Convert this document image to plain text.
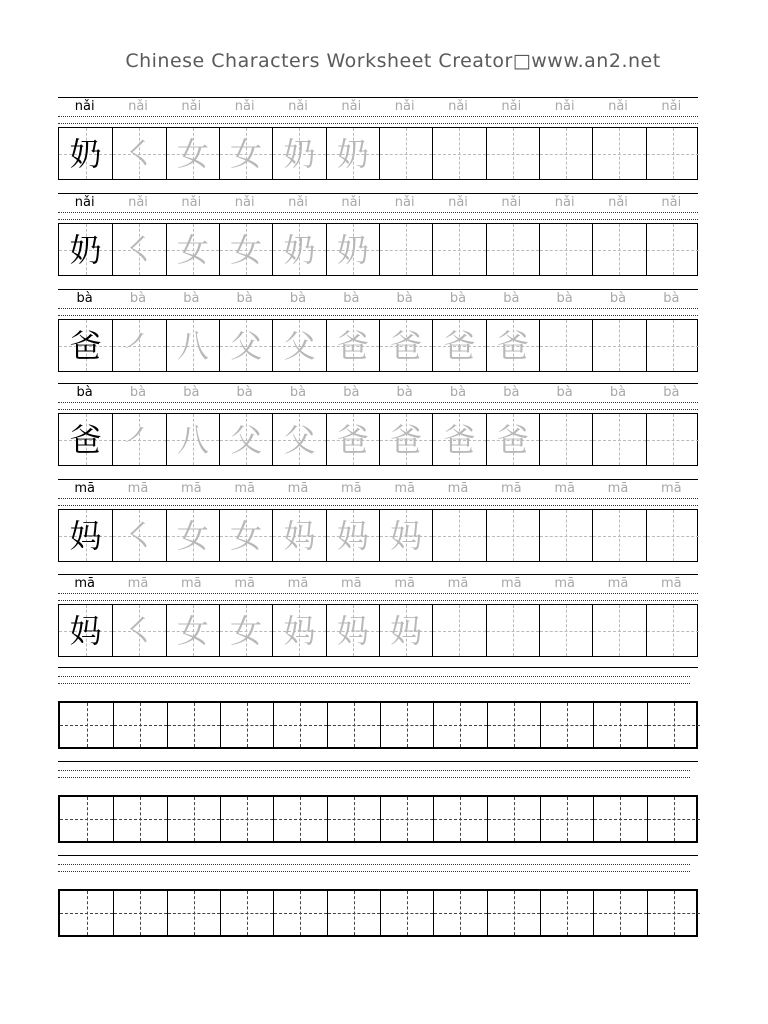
Chinese Characters Worksheet Creator□www.an2.net
nǎi	nǎi	nǎi	nǎi	nǎi	nǎi	nǎi	nǎi	nǎi	nǎi	nǎi	nǎi
奶 ㇛ ⼥ 女 奶 奶
nǎi	nǎi	nǎi	nǎi	nǎi	nǎi	nǎi	nǎi	nǎi	nǎi	nǎi	nǎi
奶 ㇛ ⼥ 女 奶 奶
bà	bà	bà	bà	bà	bà	bà	bà	bà	bà	bà	bà
爸 ㇒ 八 ⽗ 父 爸 爸 爸 爸
bà	bà	bà	bà	bà	bà	bà	bà	bà	bà	bà	bà
爸 ㇒ 八 ⽗ 父 爸 爸 爸 爸
mā	mā	mā	mā	mā	mā	mā	mā	mā	mā	mā	mā
妈 ㇛ ⼥ 女 妈 妈 妈
mā	mā	mā	mā	mā	mā	mā	mā	mā	mā	mā	mā
妈 ㇛ ⼥ 女 妈 妈 妈
